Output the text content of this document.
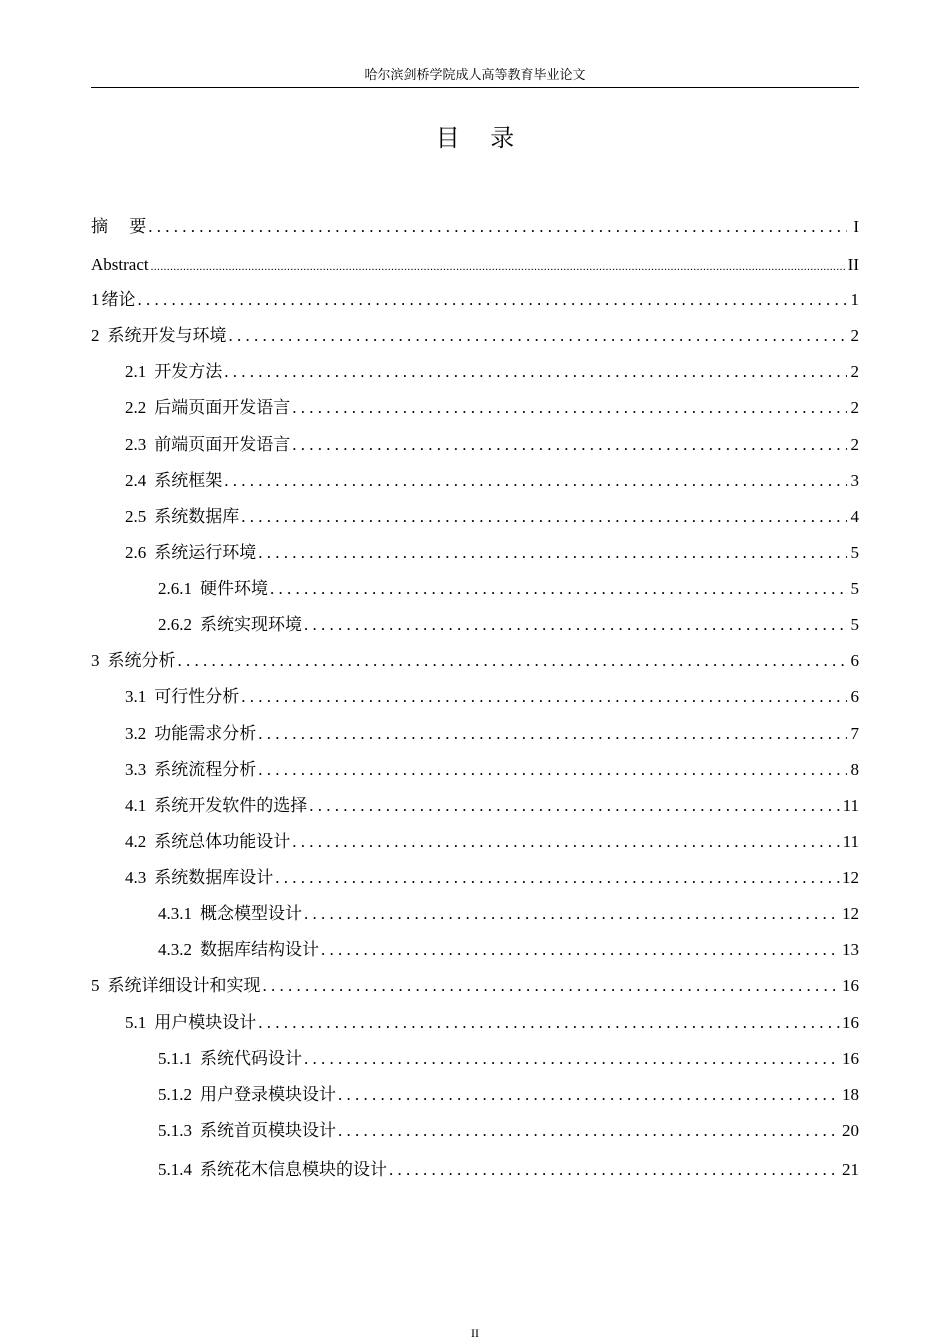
哈尔滨剑桥学院成人高等教育毕业论文
目    录
摘　 要 . . .	I
Abstract .....	II
1 绪论 . . .	1
2 系统开发与环境 . . .	2
2.1 开发方法 . . .	2
2.2 后端页面开发语言 . . .	2
2.3 前端页面开发语言 . . .	2
2.4 系统框架 . . .	3
2.5 系统数据库 . . .	4
2.6 系统运行环境 . . .	5
2.6.1 硬件环境 . . .	5
2.6.2 系统实现环境 . . .	5
3 系统分析 . . .	6
3.1 可行性分析 . . .	6
3.2 功能需求分析 . . .	7
3.3 系统流程分析 . . .	8
4.1 系统开发软件的选择 . . .	11
4.2 系统总体功能设计 . . .	11
4.3 系统数据库设计 . . .	12
4.3.1 概念模型设计 . . .	12
4.3.2 数据库结构设计 . . .	13
5 系统详细设计和实现 . . .	16
5.1 用户模块设计 . . .	16
5.1.1 系统代码设计 . . .	16
5.1.2 用户登录模块设计 . . .	18
5.1.3 系统首页模块设计 . . .	20
5.1.4 系统花木信息模块的设计 . . .	21
II
